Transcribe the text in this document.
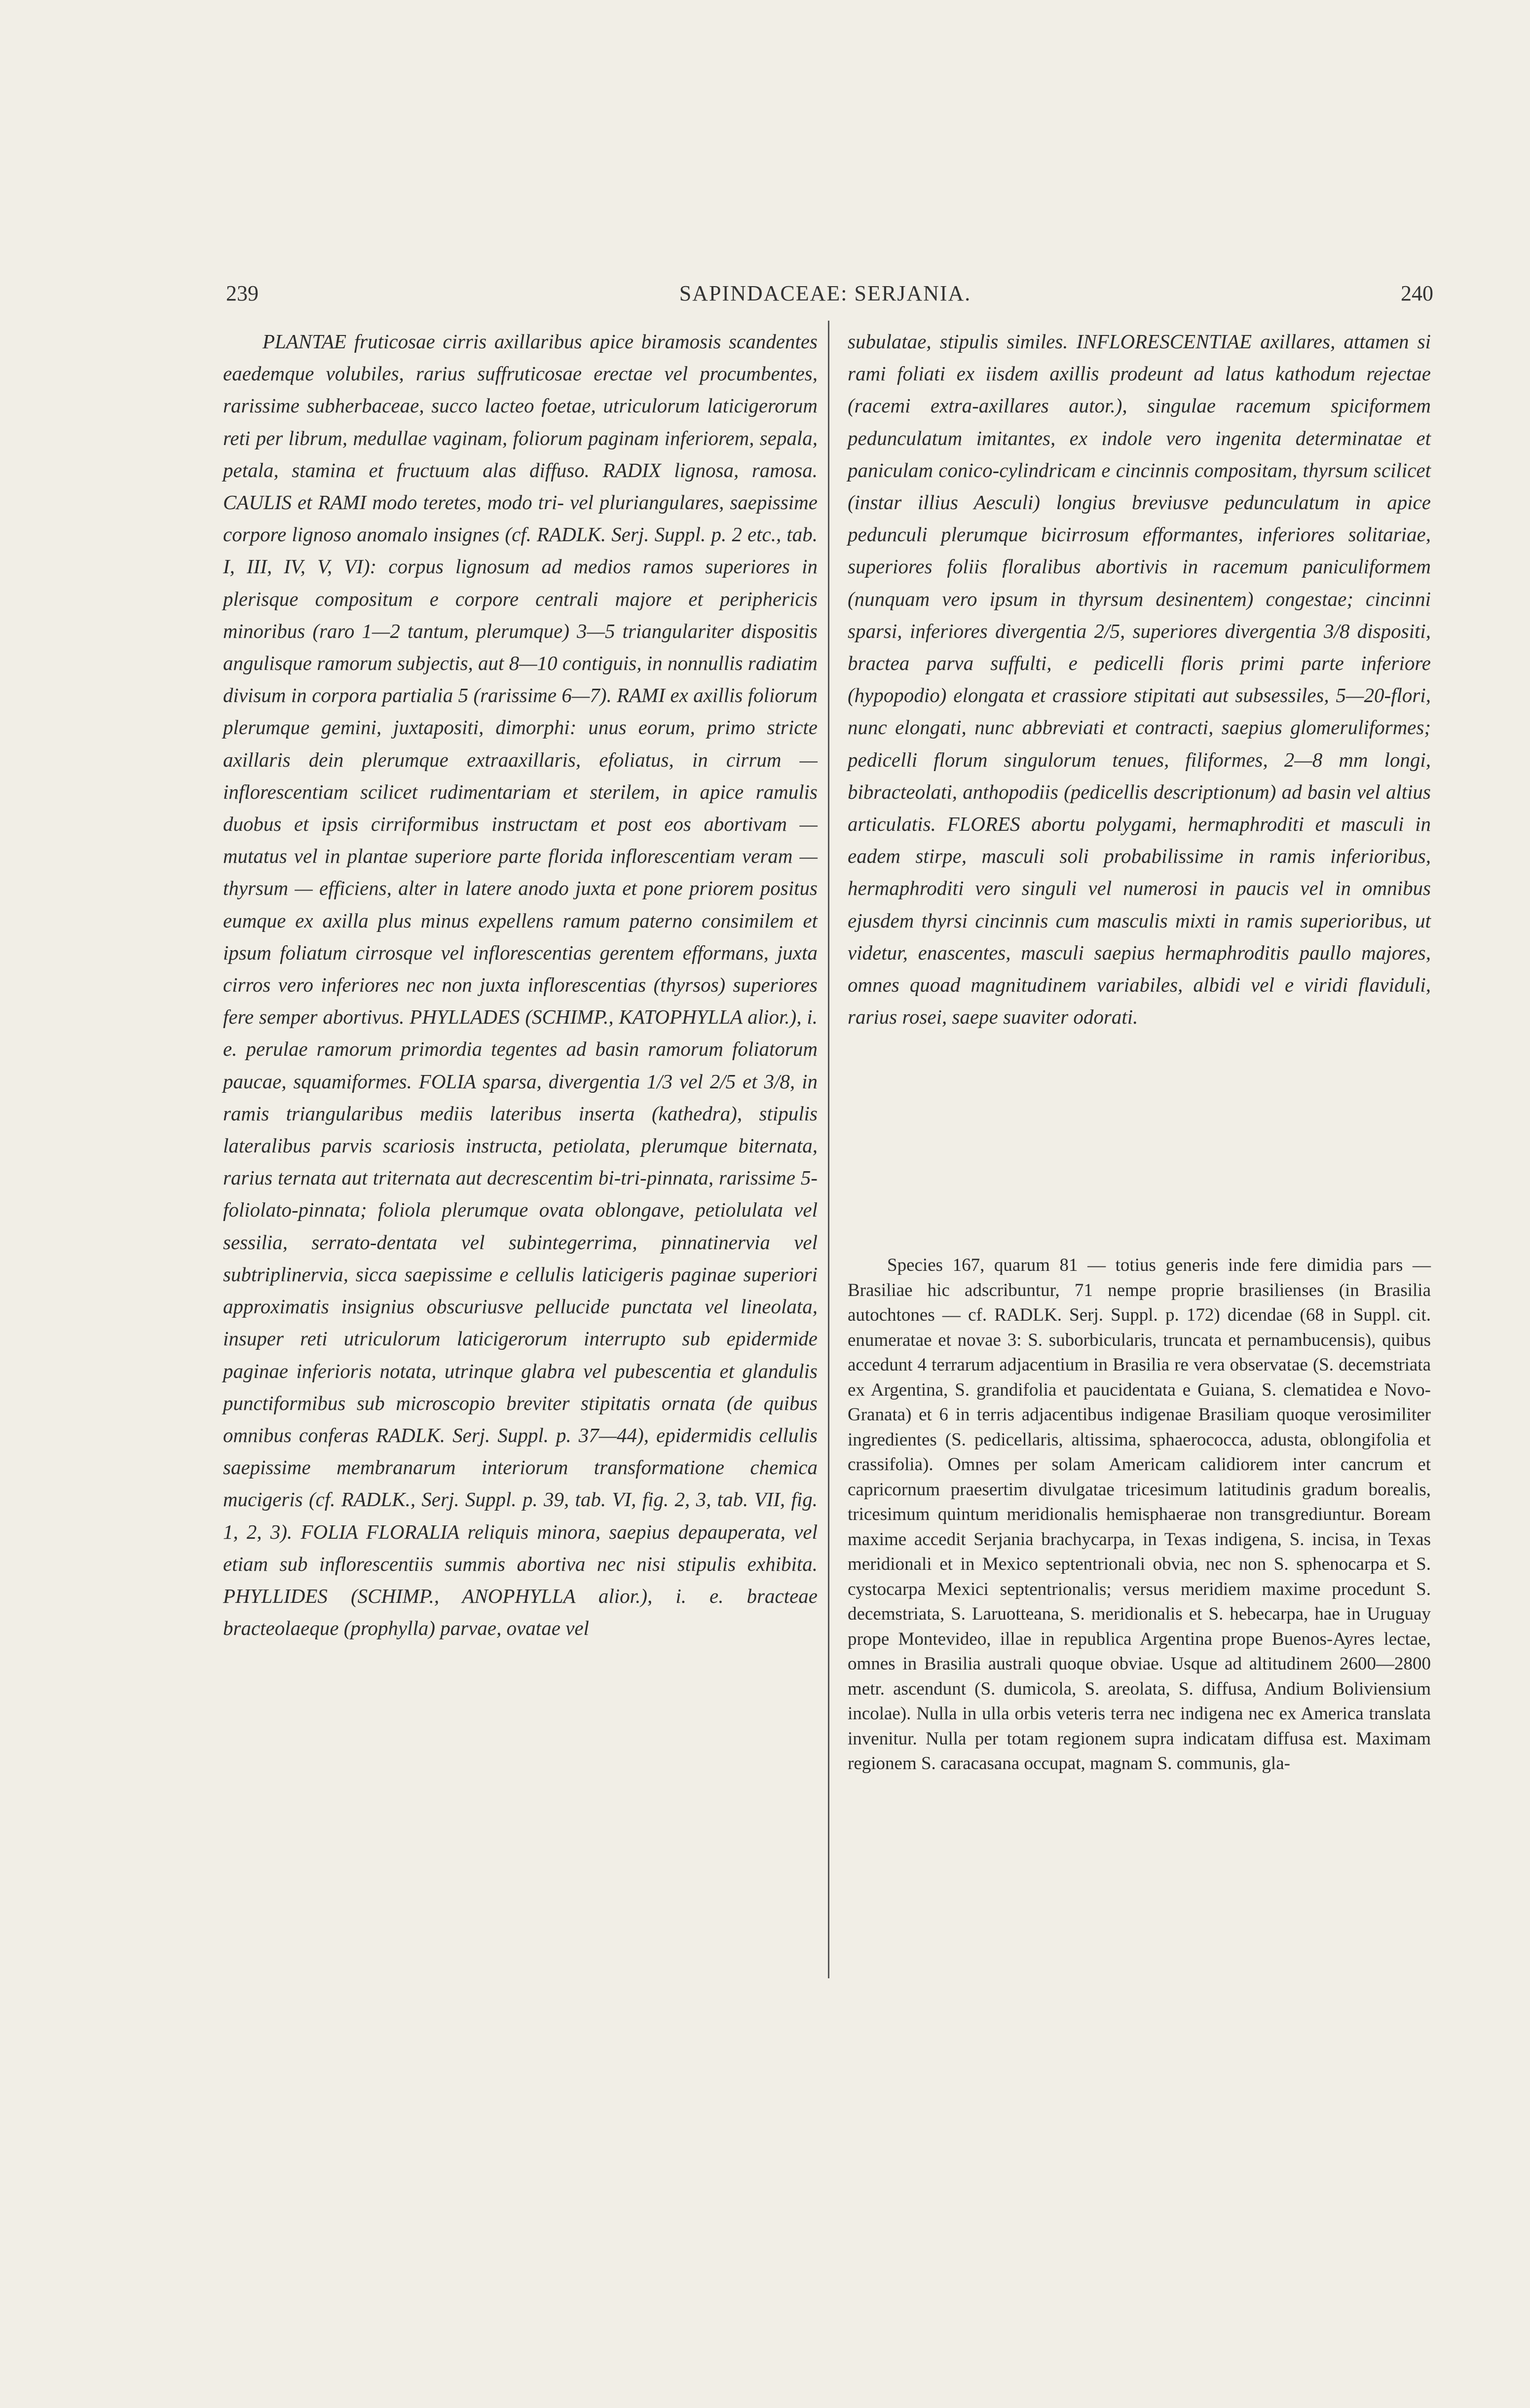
239	SAPINDACEAE: SERJANIA.	240

PLANTAE fruticosae cirris axillaribus apice biramosis scandentes eaedemque volubiles, rarius suffruticosae erectae vel procumbentes, rarissime subherbaceae, succo lacteo foetae, utriculorum laticigerorum reti per librum, medullae vaginam, foliorum paginam inferiorem, sepala, petala, stamina et fructuum alas diffuso. RADIX lignosa, ramosa. CAULIS et RAMI modo teretes, modo tri- vel pluriangulares, saepissime corpore lignoso anomalo insignes (cf. RADLK. Serj. Suppl. p. 2 etc., tab. I, III, IV, V, VI): corpus lignosum ad medios ramos superiores in plerisque compositum e corpore centrali majore et periphericis minoribus (raro 1—2 tantum, plerumque) 3—5 triangulariter dispositis angulisque ramorum subjectis, aut 8—10 contiguis, in nonnullis radiatim divisum in corpora partialia 5 (rarissime 6—7). RAMI ex axillis foliorum plerumque gemini, juxtapositi, dimorphi: unus eorum, primo stricte axillaris dein plerumque extraaxillaris, efoliatus, in cirrum — inflorescentiam scilicet rudimentariam et sterilem, in apice ramulis duobus et ipsis cirriformibus instructam et post eos abortivam — mutatus vel in plantae superiore parte florida inflorescentiam veram — thyrsum — efficiens, alter in latere anodo juxta et pone priorem positus eumque ex axilla plus minus expellens ramum paterno consimilem et ipsum foliatum cirrosque vel inflorescentias gerentem efformans, juxta cirros vero inferiores nec non juxta inflorescentias (thyrsos) superiores fere semper abortivus. PHYLLADES (SCHIMP., KATOPHYLLA alior.), i. e. perulae ramorum primordia tegentes ad basin ramorum foliatorum paucae, squamiformes. FOLIA sparsa, divergentia 1/3 vel 2/5 et 3/8, in ramis triangularibus mediis lateribus inserta (kathedra), stipulis lateralibus parvis scariosis instructa, petiolata, plerumque biternata, rarius ternata aut triternata aut decrescentim bi-tri-pinnata, rarissime 5-foliolato-pinnata; foliola plerumque ovata oblongave, petiolulata vel sessilia, serrato-dentata vel subintegerrima, pinnatinervia vel subtriplinervia, sicca saepissime e cellulis laticigeris paginae superiori approximatis insignius obscuriusve pellucide punctata vel lineolata, insuper reti utriculorum laticigerorum interrupto sub epidermide paginae inferioris notata, utrinque glabra vel pubescentia et glandulis punctiformibus sub microscopio breviter stipitatis ornata (de quibus omnibus conferas RADLK. Serj. Suppl. p. 37—44), epidermidis cellulis saepissime membranarum interiorum transformatione chemica mucigeris (cf. RADLK., Serj. Suppl. p. 39, tab. VI, fig. 2, 3, tab. VII, fig. 1, 2, 3). FOLIA FLORALIA reliquis minora, saepius depauperata, vel etiam sub inflorescentiis summis abortiva nec nisi stipulis exhibita. PHYLLIDES (SCHIMP., ANOPHYLLA alior.), i. e. bracteae bracteolaeque (prophylla) parvae, ovatae vel

subulatae, stipulis similes. INFLORESCENTIAE axillares, attamen si rami foliati ex iisdem axillis prodeunt ad latus kathodum rejectae (racemi extra-axillares autor.), singulae racemum spiciformem pedunculatum imitantes, ex indole vero ingenita determinatae et paniculam conico-cylindricam e cincinnis compositam, thyrsum scilicet (instar illius Aesculi) longius breviusve pedunculatum in apice pedunculi plerumque bicirrosum efformantes, inferiores solitariae, superiores foliis floralibus abortivis in racemum paniculiformem (nunquam vero ipsum in thyrsum desinentem) congestae; cincinni sparsi, inferiores divergentia 2/5, superiores divergentia 3/8 dispositi, bractea parva suffulti, e pedicelli floris primi parte inferiore (hypopodio) elongata et crassiore stipitati aut subsessiles, 5—20-flori, nunc elongati, nunc abbreviati et contracti, saepius glomeruliformes; pedicelli florum singulorum tenues, filiformes, 2—8 mm longi, bibracteolati, anthopodiis (pedicellis descriptionum) ad basin vel altius articulatis. FLORES abortu polygami, hermaphroditi et masculi in eadem stirpe, masculi soli probabilissime in ramis inferioribus, hermaphroditi vero singuli vel numerosi in paucis vel in omnibus ejusdem thyrsi cincinnis cum masculis mixti in ramis superioribus, ut videtur, enascentes, masculi saepius hermaphroditis paullo majores, omnes quoad magnitudinem variabiles, albidi vel e viridi flaviduli, rarius rosei, saepe suaviter odorati.

Species 167, quarum 81 — totius generis inde fere dimidia pars — Brasiliae hic adscribuntur, 71 nempe proprie brasilienses (in Brasilia autochtones — cf. RADLK. Serj. Suppl. p. 172) dicendae (68 in Suppl. cit. enumeratae et novae 3: S. suborbicularis, truncata et pernambucensis), quibus accedunt 4 terrarum adjacentium in Brasilia re vera observatae (S. decemstriata ex Argentina, S. grandifolia et paucidentata e Guiana, S. clematidea e Novo-Granata) et 6 in terris adjacentibus indigenae Brasiliam quoque verosimiliter ingredientes (S. pedicellaris, altissima, sphaerococca, adusta, oblongifolia et crassifolia). Omnes per solam Americam calidiorem inter cancrum et capricornum praesertim divulgatae tricesimum latitudinis gradum borealis, tricesimum quintum meridionalis hemisphaerae non transgrediuntur. Boream maxime accedit Serjania brachycarpa, in Texas indigena, S. incisa, in Texas meridionali et in Mexico septentrionali obvia, nec non S. sphenocarpa et S. cystocarpa Mexici septentrionalis; versus meridiem maxime procedunt S. decemstriata, S. Laruotteana, S. meridionalis et S. hebecarpa, hae in Uruguay prope Montevideo, illae in republica Argentina prope Buenos-Ayres lectae, omnes in Brasilia australi quoque obviae. Usque ad altitudinem 2600—2800 metr. ascendunt (S. dumicola, S. areolata, S. diffusa, Andium Boliviensium incolae). Nulla in ulla orbis veteris terra nec indigena nec ex America translata invenitur. Nulla per totam regionem supra indicatam diffusa est. Maximam regionem S. caracasana occupat, magnam S. communis, gla-
